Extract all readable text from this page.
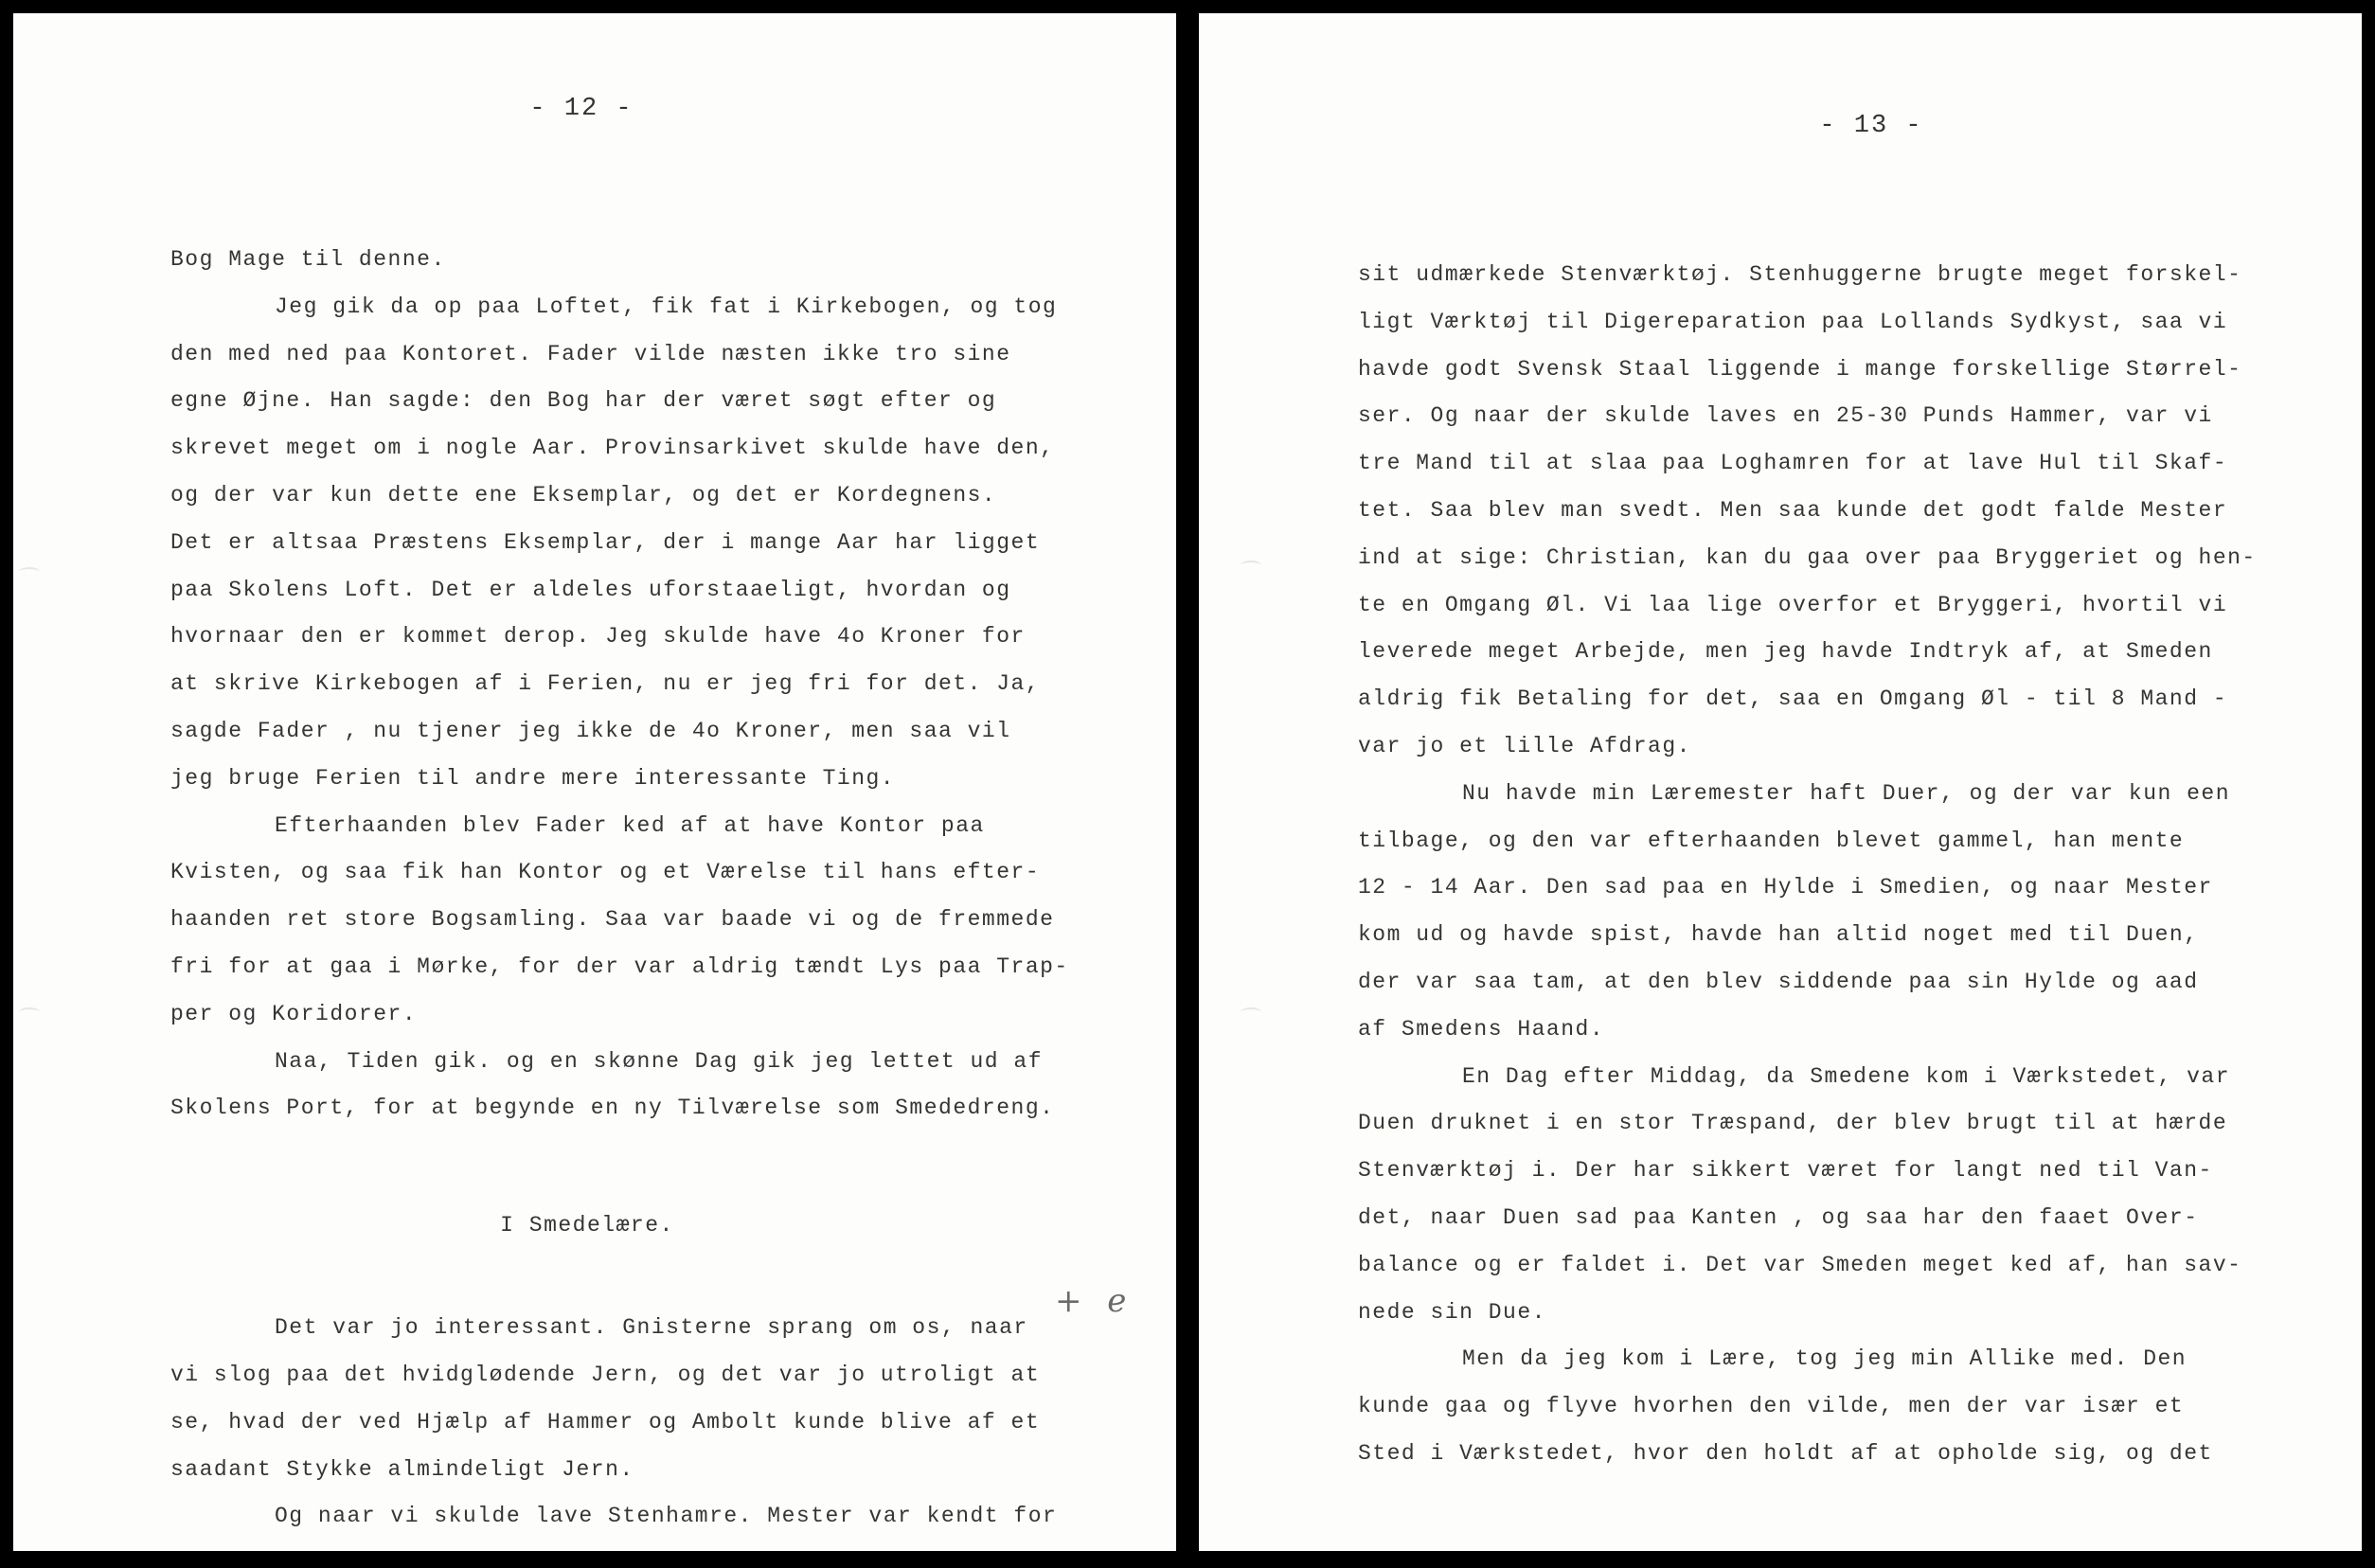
- 12 -

Bog Mage til denne.
Jeg gik da op paa Loftet, fik fat i Kirkebogen, og tog
den med ned paa Kontoret. Fader vilde næsten ikke tro sine
egne Øjne. Han sagde: den Bog har der været søgt efter og
skrevet meget om i nogle Aar. Provinsarkivet skulde have den,
og der var kun dette ene Eksemplar, og det er Kordegnens.
Det er altsaa Præstens Eksemplar, der i mange Aar har ligget
paa Skolens Loft. Det er aldeles uforstaaeligt, hvordan og
hvornaar den er kommet derop. Jeg skulde have 4o Kroner for
at skrive Kirkebogen af i Ferien, nu er jeg fri for det. Ja,
sagde Fader , nu tjener jeg ikke de 4o Kroner, men saa vil
jeg bruge Ferien til andre mere interessante Ting.
Efterhaanden blev Fader ked af at have Kontor paa
Kvisten, og saa fik han Kontor og et Værelse til hans efter-
haanden ret store Bogsamling. Saa var baade vi og de fremmede
fri for at gaa i Mørke, for der var aldrig tændt Lys paa Trap-
per og Koridorer.
Naa, Tiden gik. og en skønne Dag gik jeg lettet ud af
Skolens Port, for at begynde en ny Tilværelse som Smededreng.

I Smedelære.

Det var jo interessant. Gnisterne sprang om os, naar
vi slog paa det hvidglødende Jern, og det var jo utroligt at
se, hvad der ved Hjælp af Hammer og Ambolt kunde blive af et
saadant Stykke almindeligt Jern.
Og naar vi skulde lave Stenhamre. Mester var kendt for

+ e
- 13 -

sit udmærkede Stenværktøj. Stenhuggerne brugte meget forskel-
ligt Værktøj til Digereparation paa Lollands Sydkyst, saa vi
havde godt Svensk Staal liggende i mange forskellige Størrel-
ser. Og naar der skulde laves en 25-30 Punds Hammer, var vi
tre Mand til at slaa paa Loghamren for at lave Hul til Skaf-
tet. Saa blev man svedt. Men saa kunde det godt falde Mester
ind at sige: Christian, kan du gaa over paa Bryggeriet og hen-
te en Omgang Øl. Vi laa lige overfor et Bryggeri, hvortil vi
leverede meget Arbejde, men jeg havde Indtryk af, at Smeden
aldrig fik Betaling for det, saa en Omgang Øl - til 8 Mand -
var jo et lille Afdrag.
Nu havde min Læremester haft Duer, og der var kun een
tilbage, og den var efterhaanden blevet gammel, han mente
12 - 14 Aar. Den sad paa en Hylde i Smedien, og naar Mester
kom ud og havde spist, havde han altid noget med til Duen,
der var saa tam, at den blev siddende paa sin Hylde og aad
af Smedens Haand.
En Dag efter Middag, da Smedene kom i Værkstedet, var
Duen druknet i en stor Træspand, der blev brugt til at hærde
Stenværktøj i. Der har sikkert været for langt ned til Van-
det, naar Duen sad paa Kanten , og saa har den faaet Over-
balance og er faldet i. Det var Smeden meget ked af, han sav-
nede sin Due.
Men da jeg kom i Lære, tog jeg min Allike med. Den
kunde gaa og flyve hvorhen den vilde, men der var især et
Sted i Værkstedet, hvor den holdt af at opholde sig, og det
